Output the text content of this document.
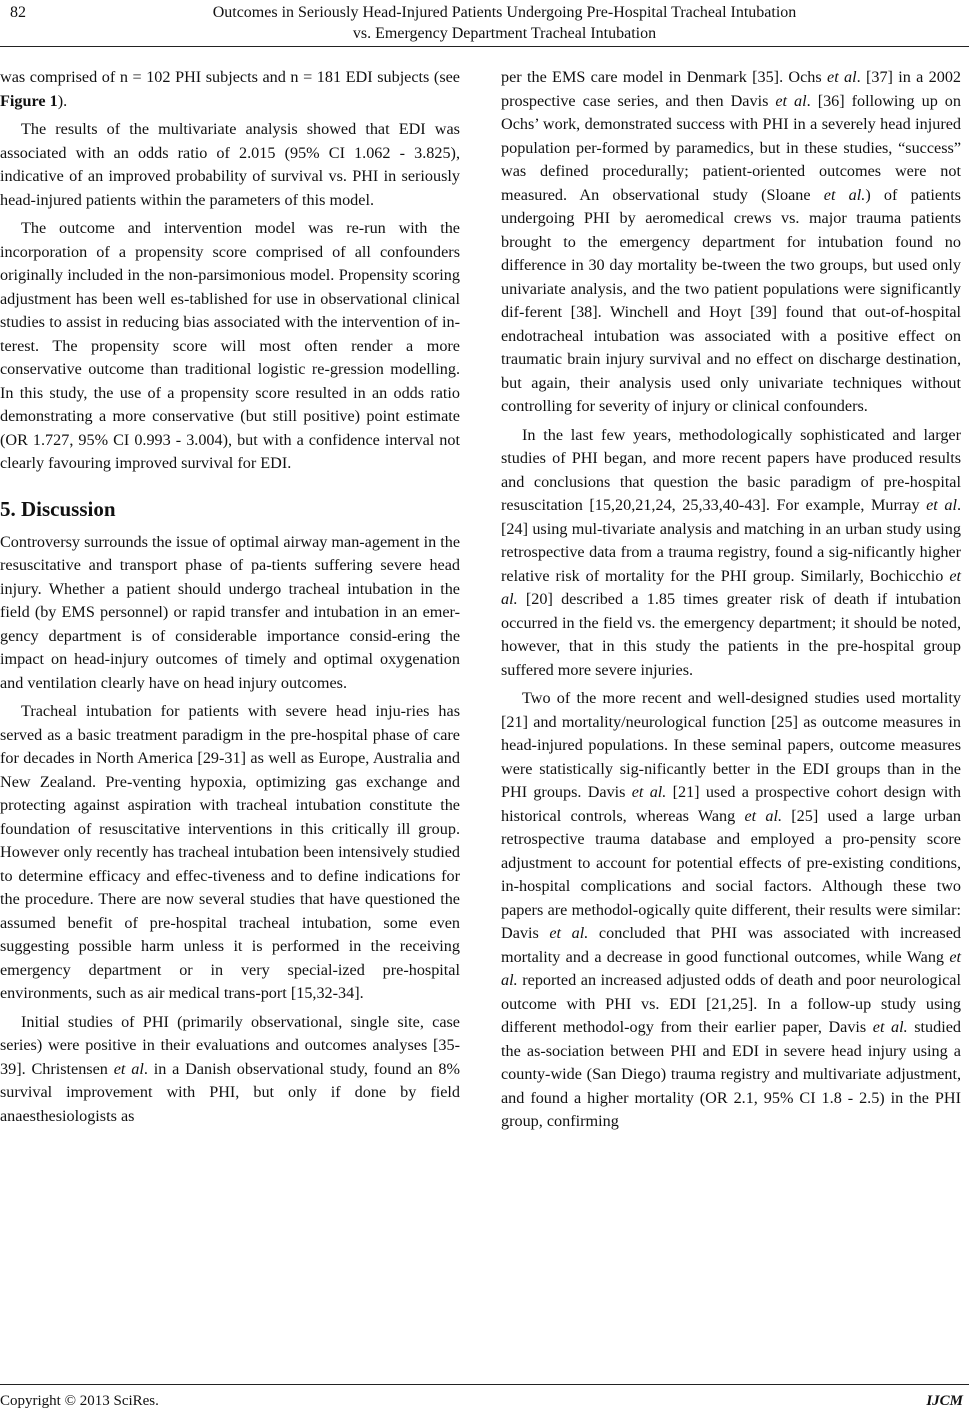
82	Outcomes in Seriously Head-Injured Patients Undergoing Pre-Hospital Tracheal Intubation
vs. Emergency Department Tracheal Intubation

was comprised of n = 102 PHI subjects and n = 181 EDI subjects (see Figure 1).

The results of the multivariate analysis showed that EDI was associated with an odds ratio of 2.015 (95% CI 1.062 - 3.825), indicative of an improved probability of survival vs. PHI in seriously head-injured patients within the parameters of this model.

The outcome and intervention model was re-run with the incorporation of a propensity score comprised of all confounders originally included in the non-parsimonious model. Propensity scoring adjustment has been well es-tablished for use in observational clinical studies to assist in reducing bias associated with the intervention of in-terest. The propensity score will most often render a more conservative outcome than traditional logistic re-gression modelling. In this study, the use of a propensity score resulted in an odds ratio demonstrating a more conservative (but still positive) point estimate (OR 1.727, 95% CI 0.993 - 3.004), but with a confidence interval not clearly favouring improved survival for EDI.

5. Discussion

Controversy surrounds the issue of optimal airway man-agement in the resuscitative and transport phase of pa-tients suffering severe head injury. Whether a patient should undergo tracheal intubation in the field (by EMS personnel) or rapid transfer and intubation in an emer-gency department is of considerable importance consid-ering the impact on head-injury outcomes of timely and optimal oxygenation and ventilation clearly have on head injury outcomes.

Tracheal intubation for patients with severe head inju-ries has served as a basic treatment paradigm in the pre-hospital phase of care for decades in North America [29-31] as well as Europe, Australia and New Zealand. Pre-venting hypoxia, optimizing gas exchange and protecting against aspiration with tracheal intubation constitute the foundation of resuscitative interventions in this critically ill group. However only recently has tracheal intubation been intensively studied to determine efficacy and effec-tiveness and to define indications for the procedure. There are now several studies that have questioned the assumed benefit of pre-hospital tracheal intubation, some even suggesting possible harm unless it is performed in the receiving emergency department or in very special-ized pre-hospital environments, such as air medical trans-port [15,32-34].

Initial studies of PHI (primarily observational, single site, case series) were positive in their evaluations and outcomes analyses [35-39]. Christensen et al. in a Danish observational study, found an 8% survival improvement with PHI, but only if done by field anaesthesiologists as

per the EMS care model in Denmark [35]. Ochs et al. [37] in a 2002 prospective case series, and then Davis et al. [36] following up on Ochs’ work, demonstrated success with PHI in a severely head injured population per-formed by paramedics, but in these studies, “success” was defined procedurally; patient-oriented outcomes were not measured. An observational study (Sloane et al.) of patients undergoing PHI by aeromedical crews vs. major trauma patients brought to the emergency department for intubation found no difference in 30 day mortality be-tween the two groups, but used only univariate analysis, and the two patient populations were significantly dif-ferent [38]. Winchell and Hoyt [39] found that out-of-hospital endotracheal intubation was associated with a positive effect on traumatic brain injury survival and no effect on discharge destination, but again, their analysis used only univariate techniques without controlling for severity of injury or clinical confounders.

In the last few years, methodologically sophisticated and larger studies of PHI began, and more recent papers have produced results and conclusions that question the basic paradigm of pre-hospital resuscitation [15,20,21,24, 25,33,40-43]. For example, Murray et al. [24] using mul-tivariate analysis and matching in an urban study using retrospective data from a trauma registry, found a sig-nificantly higher relative risk of mortality for the PHI group. Similarly, Bochicchio et al. [20] described a 1.85 times greater risk of death if intubation occurred in the field vs. the emergency department; it should be noted, however, that in this study the patients in the pre-hospital group suffered more severe injuries.

Two of the more recent and well-designed studies used mortality [21] and mortality/neurological function [25] as outcome measures in head-injured populations. In these seminal papers, outcome measures were statistically sig-nificantly better in the EDI groups than in the PHI groups. Davis et al. [21] used a prospective cohort design with historical controls, whereas Wang et al. [25] used a large urban retrospective trauma database and employed a pro-pensity score adjustment to account for potential effects of pre-existing conditions, in-hospital complications and social factors. Although these two papers are methodol-ogically quite different, their results were similar: Davis et al. concluded that PHI was associated with increased mortality and a decrease in good functional outcomes, while Wang et al. reported an increased adjusted odds of death and poor neurological outcome with PHI vs. EDI [21,25]. In a follow-up study using different methodol-ogy from their earlier paper, Davis et al. studied the as-sociation between PHI and EDI in severe head injury using a county-wide (San Diego) trauma registry and multivariate adjustment, and found a higher mortality (OR 2.1, 95% CI 1.8 - 2.5) in the PHI group, confirming

Copyright © 2013 SciRes.	IJCM
